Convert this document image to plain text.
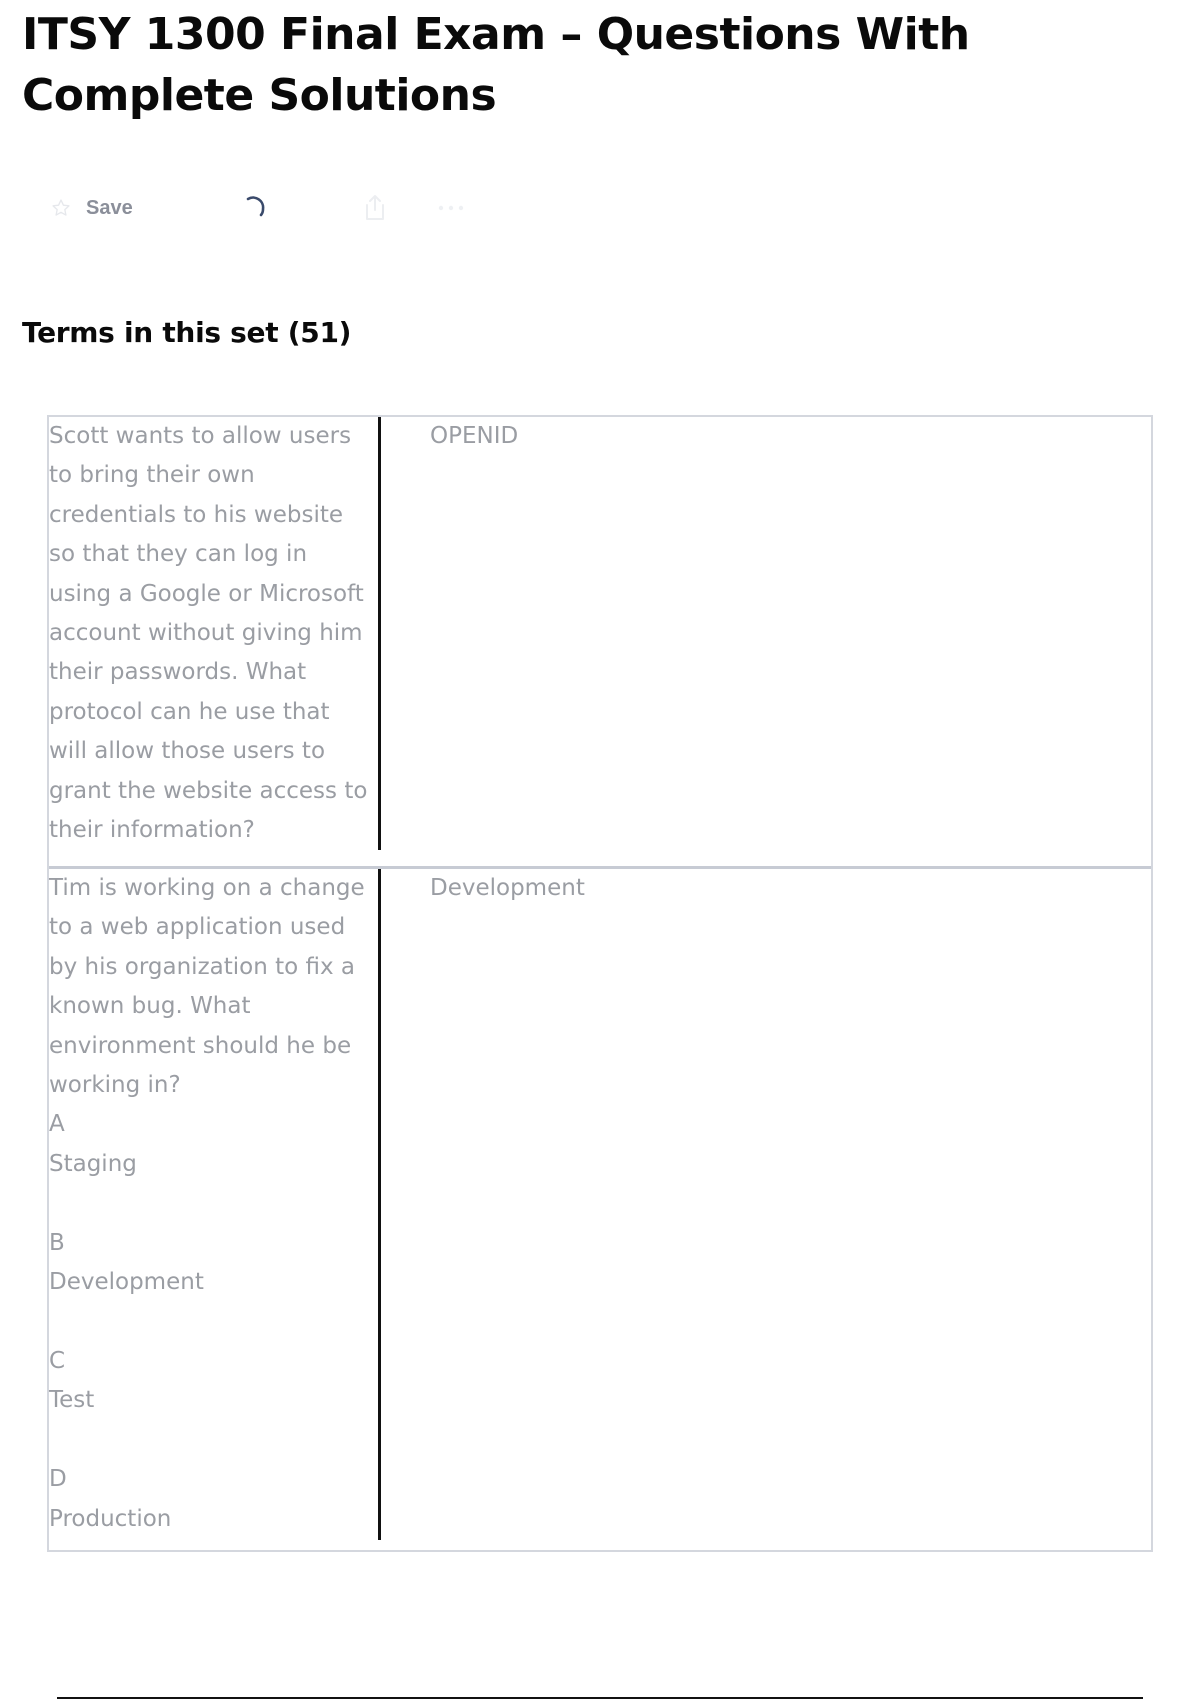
ITSY 1300 Final Exam – Questions With Complete Solutions
Save
Terms in this set (51)
Scott wants to allow users to bring their own credentials to his website so that they can log in using a Google or Microsoft account without giving him their passwords. What protocol can he use that will allow those users to grant the website access to their information?
OPENID
Tim is working on a change to a web application used by his organization to fix a known bug. What environment should he be working in?
A
Staging

B
Development

C
Test

D
Production
Development
